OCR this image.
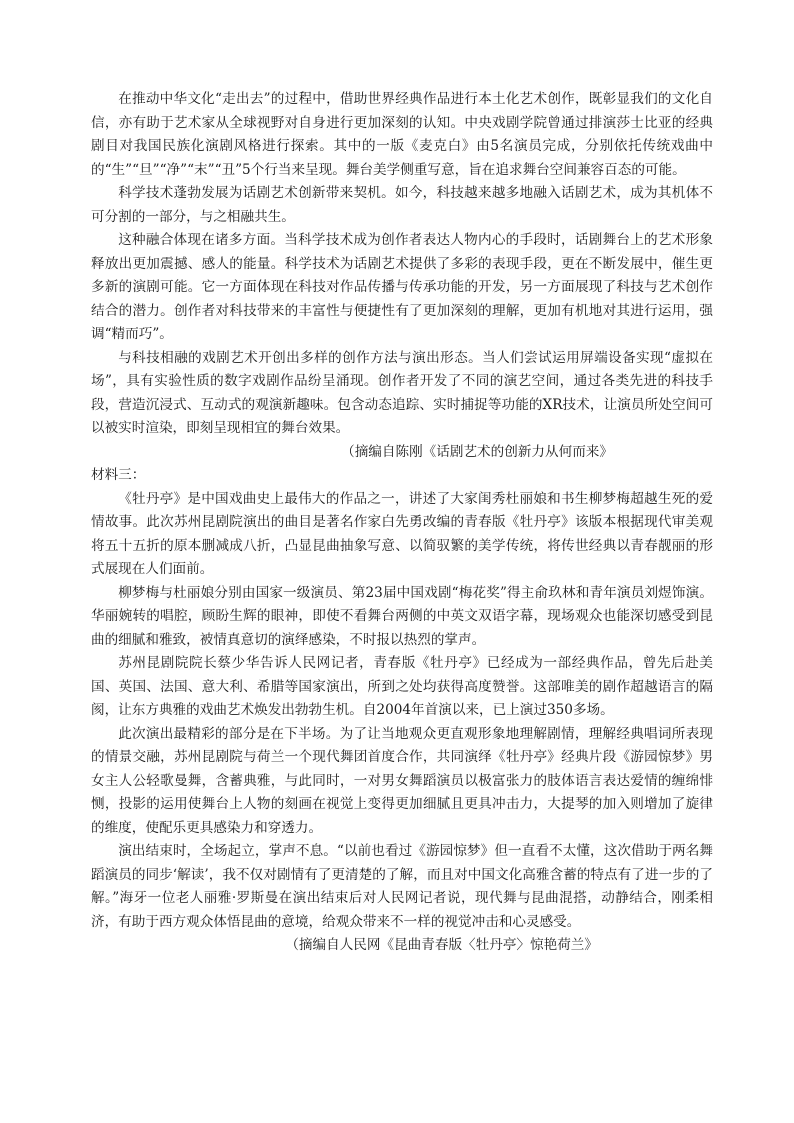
在推动中华文化“走出去”的过程中，借助世界经典作品进行本土化艺术创作，既彰显我们的文化自信，亦有助于艺术家从全球视野对自身进行更加深刻的认知。中央戏剧学院曾通过排演莎士比亚的经典剧目对我国民族化演剧风格进行探索。其中的一版《麦克白》由5名演员完成，分别依托传统戏曲中的“生”“旦”“净”“末”“丑”5个行当来呈现。舞台美学侧重写意，旨在追求舞台空间兼容百态的可能。

科学技术蓬勃发展为话剧艺术创新带来契机。如今，科技越来越多地融入话剧艺术，成为其机体不可分割的一部分，与之相融共生。

这种融合体现在诸多方面。当科学技术成为创作者表达人物内心的手段时，话剧舞台上的艺术形象释放出更加震撼、感人的能量。科学技术为话剧艺术提供了多彩的表现手段，更在不断发展中，催生更多新的演剧可能。它一方面体现在科技对作品传播与传承功能的开发，另一方面展现了科技与艺术创作结合的潜力。创作者对科技带来的丰富性与便捷性有了更加深刻的理解，更加有机地对其进行运用，强调“精而巧”。

与科技相融的戏剧艺术开创出多样的创作方法与演出形态。当人们尝试运用屏端设备实现“虚拟在场”，具有实验性质的数字戏剧作品纷呈涌现。创作者开发了不同的演艺空间，通过各类先进的科技手段，营造沉浸式、互动式的观演新趣味。包含动态追踪、实时捕捉等功能的XR技术，让演员所处空间可以被实时渲染，即刻呈现相宜的舞台效果。

（摘编自陈刚《话剧艺术的创新力从何而来》

材料三：

《牡丹亭》是中国戏曲史上最伟大的作品之一，讲述了大家闺秀杜丽娘和书生柳梦梅超越生死的爱情故事。此次苏州昆剧院演出的曲目是著名作家白先勇改编的青春版《牡丹亭》该版本根据现代审美观将五十五折的原本删减成八折，凸显昆曲抽象写意、以简驭繁的美学传统，将传世经典以青春靓丽的形式展现在人们面前。

柳梦梅与杜丽娘分别由国家一级演员、第23届中国戏剧“梅花奖”得主俞玖林和青年演员刘煜饰演。华丽婉转的唱腔，顾盼生辉的眼神，即使不看舞台两侧的中英文双语字幕，现场观众也能深切感受到昆曲的细腻和雅致，被情真意切的演绎感染，不时报以热烈的掌声。

苏州昆剧院院长蔡少华告诉人民网记者，青春版《牡丹亭》已经成为一部经典作品，曾先后赴美国、英国、法国、意大利、希腊等国家演出，所到之处均获得高度赞誉。这部唯美的剧作超越语言的隔阂，让东方典雅的戏曲艺术焕发出勃勃生机。自2004年首演以来，已上演过350多场。

此次演出最精彩的部分是在下半场。为了让当地观众更直观形象地理解剧情，理解经典唱词所表现的情景交融，苏州昆剧院与荷兰一个现代舞团首度合作，共同演绎《牡丹亭》经典片段《游园惊梦》男女主人公轻歌曼舞，含蓄典雅，与此同时，一对男女舞蹈演员以极富张力的肢体语言表达爱情的缠绵悱恻，投影的运用使舞台上人物的刻画在视觉上变得更加细腻且更具冲击力，大提琴的加入则增加了旋律的维度，使配乐更具感染力和穿透力。

演出结束时，全场起立，掌声不息。“以前也看过《游园惊梦》但一直看不太懂，这次借助于两名舞蹈演员的同步‘解读’，我不仅对剧情有了更清楚的了解，而且对中国文化高雅含蓄的特点有了进一步的了解。”海牙一位老人丽雅·罗斯曼在演出结束后对人民网记者说，现代舞与昆曲混搭，动静结合，刚柔相济，有助于西方观众体悟昆曲的意境，给观众带来不一样的视觉冲击和心灵感受。

（摘编自人民网《昆曲青春版〈牡丹亭〉惊艳荷兰》
